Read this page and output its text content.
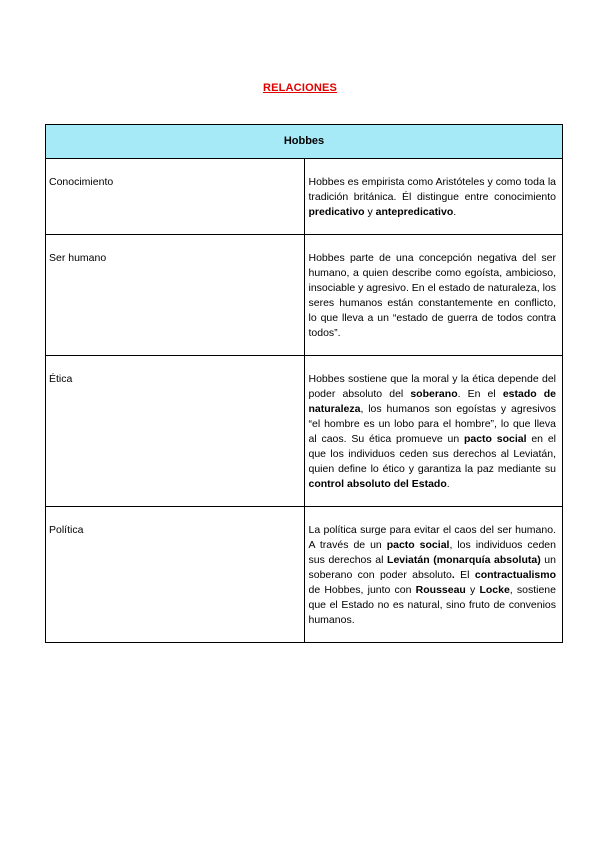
RELACIONES
Hobbes	
Conocimiento	Hobbes es empirista como Aristóteles y como toda la tradición británica. Él distingue entre conocimiento predicativo y antepredicativo.
Ser humano	Hobbes parte de una concepción negativa del ser humano, a quien describe como egoísta, ambicioso, insociable y agresivo. En el estado de naturaleza, los seres humanos están constantemente en conflicto, lo que lleva a un “estado de guerra de todos contra todos”.
Ética	Hobbes sostiene que la moral y la ética depende del poder absoluto del soberano. En el estado de naturaleza, los humanos son egoístas y agresivos “el hombre es un lobo para el hombre”, lo que lleva al caos. Su ética promueve un pacto social en el que los individuos ceden sus derechos al Leviatán, quien define lo ético y garantiza la paz mediante su control absoluto del Estado.
Política	La política surge para evitar el caos del ser humano. A través de un pacto social, los individuos ceden sus derechos al Leviatán (monarquía absoluta) un soberano con poder absoluto. El contractualismo de Hobbes, junto con Rousseau y Locke, sostiene que el Estado no es natural, sino fruto de convenios humanos.
